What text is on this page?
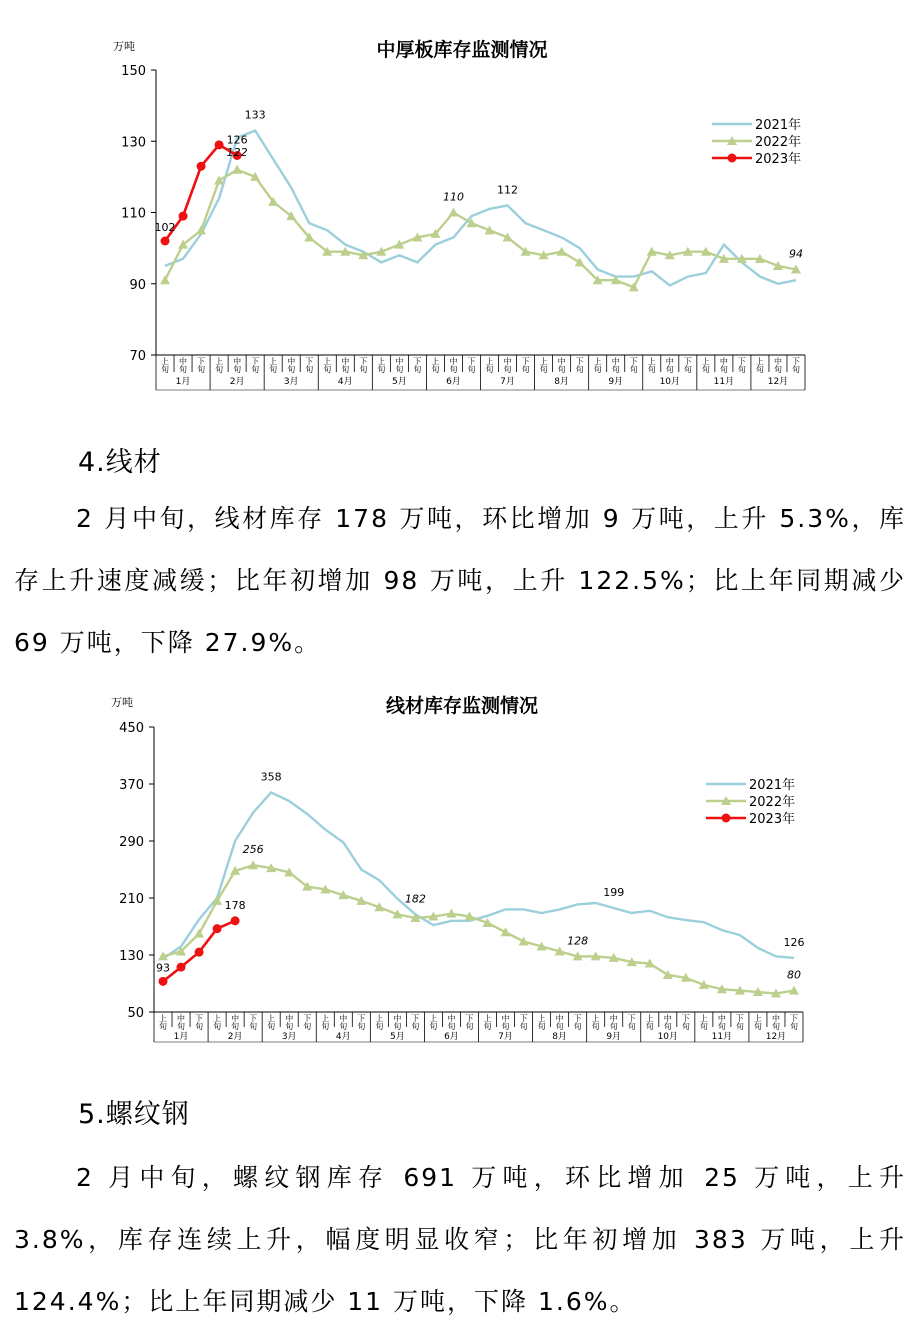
中厚板库存监测情况
万吨
70
90
110
130
150
上旬
中旬
下旬
上旬
中旬
下旬
上旬
中旬
下旬
上旬
中旬
下旬
上旬
中旬
下旬
上旬
中旬
下旬
上旬
中旬
下旬
上旬
中旬
下旬
上旬
中旬
下旬
上旬
中旬
下旬
上旬
中旬
下旬
上旬
中旬
下旬
1月	2月	3月	4月	5月	6月	7月	8月	9月	10月	11月	12月
102
126
133
122
110
112
94
2021年
2022年
2023年
4.线材
2 月中旬，线材库存 178 万吨，环比增加 9 万吨，上升 5.3%，库存上升速度减缓；比年初增加 98 万吨，上升 122.5%；比上年同期减少 69 万吨，下降 27.9%。
线材库存监测情况
万吨
50
130
210
290
370
450
上旬
中旬
下旬
上旬
中旬
下旬
上旬
中旬
下旬
上旬
中旬
下旬
上旬
中旬
下旬
上旬
中旬
下旬
上旬
中旬
下旬
上旬
中旬
下旬
上旬
中旬
下旬
上旬
中旬
下旬
上旬
中旬
下旬
上旬
中旬
下旬
1月	2月	3月	4月	5月	6月	7月	8月	9月	10月	11月	12月
93
178
358
256
182	199
128	126
80
2021年
2022年
2023年
5.螺纹钢
2 月中旬，螺纹钢库存 691 万吨，环比增加 25 万吨，上升 3.8%，库存连续上升，幅度明显收窄；比年初增加 383 万吨，上升 124.4%；比上年同期减少 11 万吨，下降 1.6%。
